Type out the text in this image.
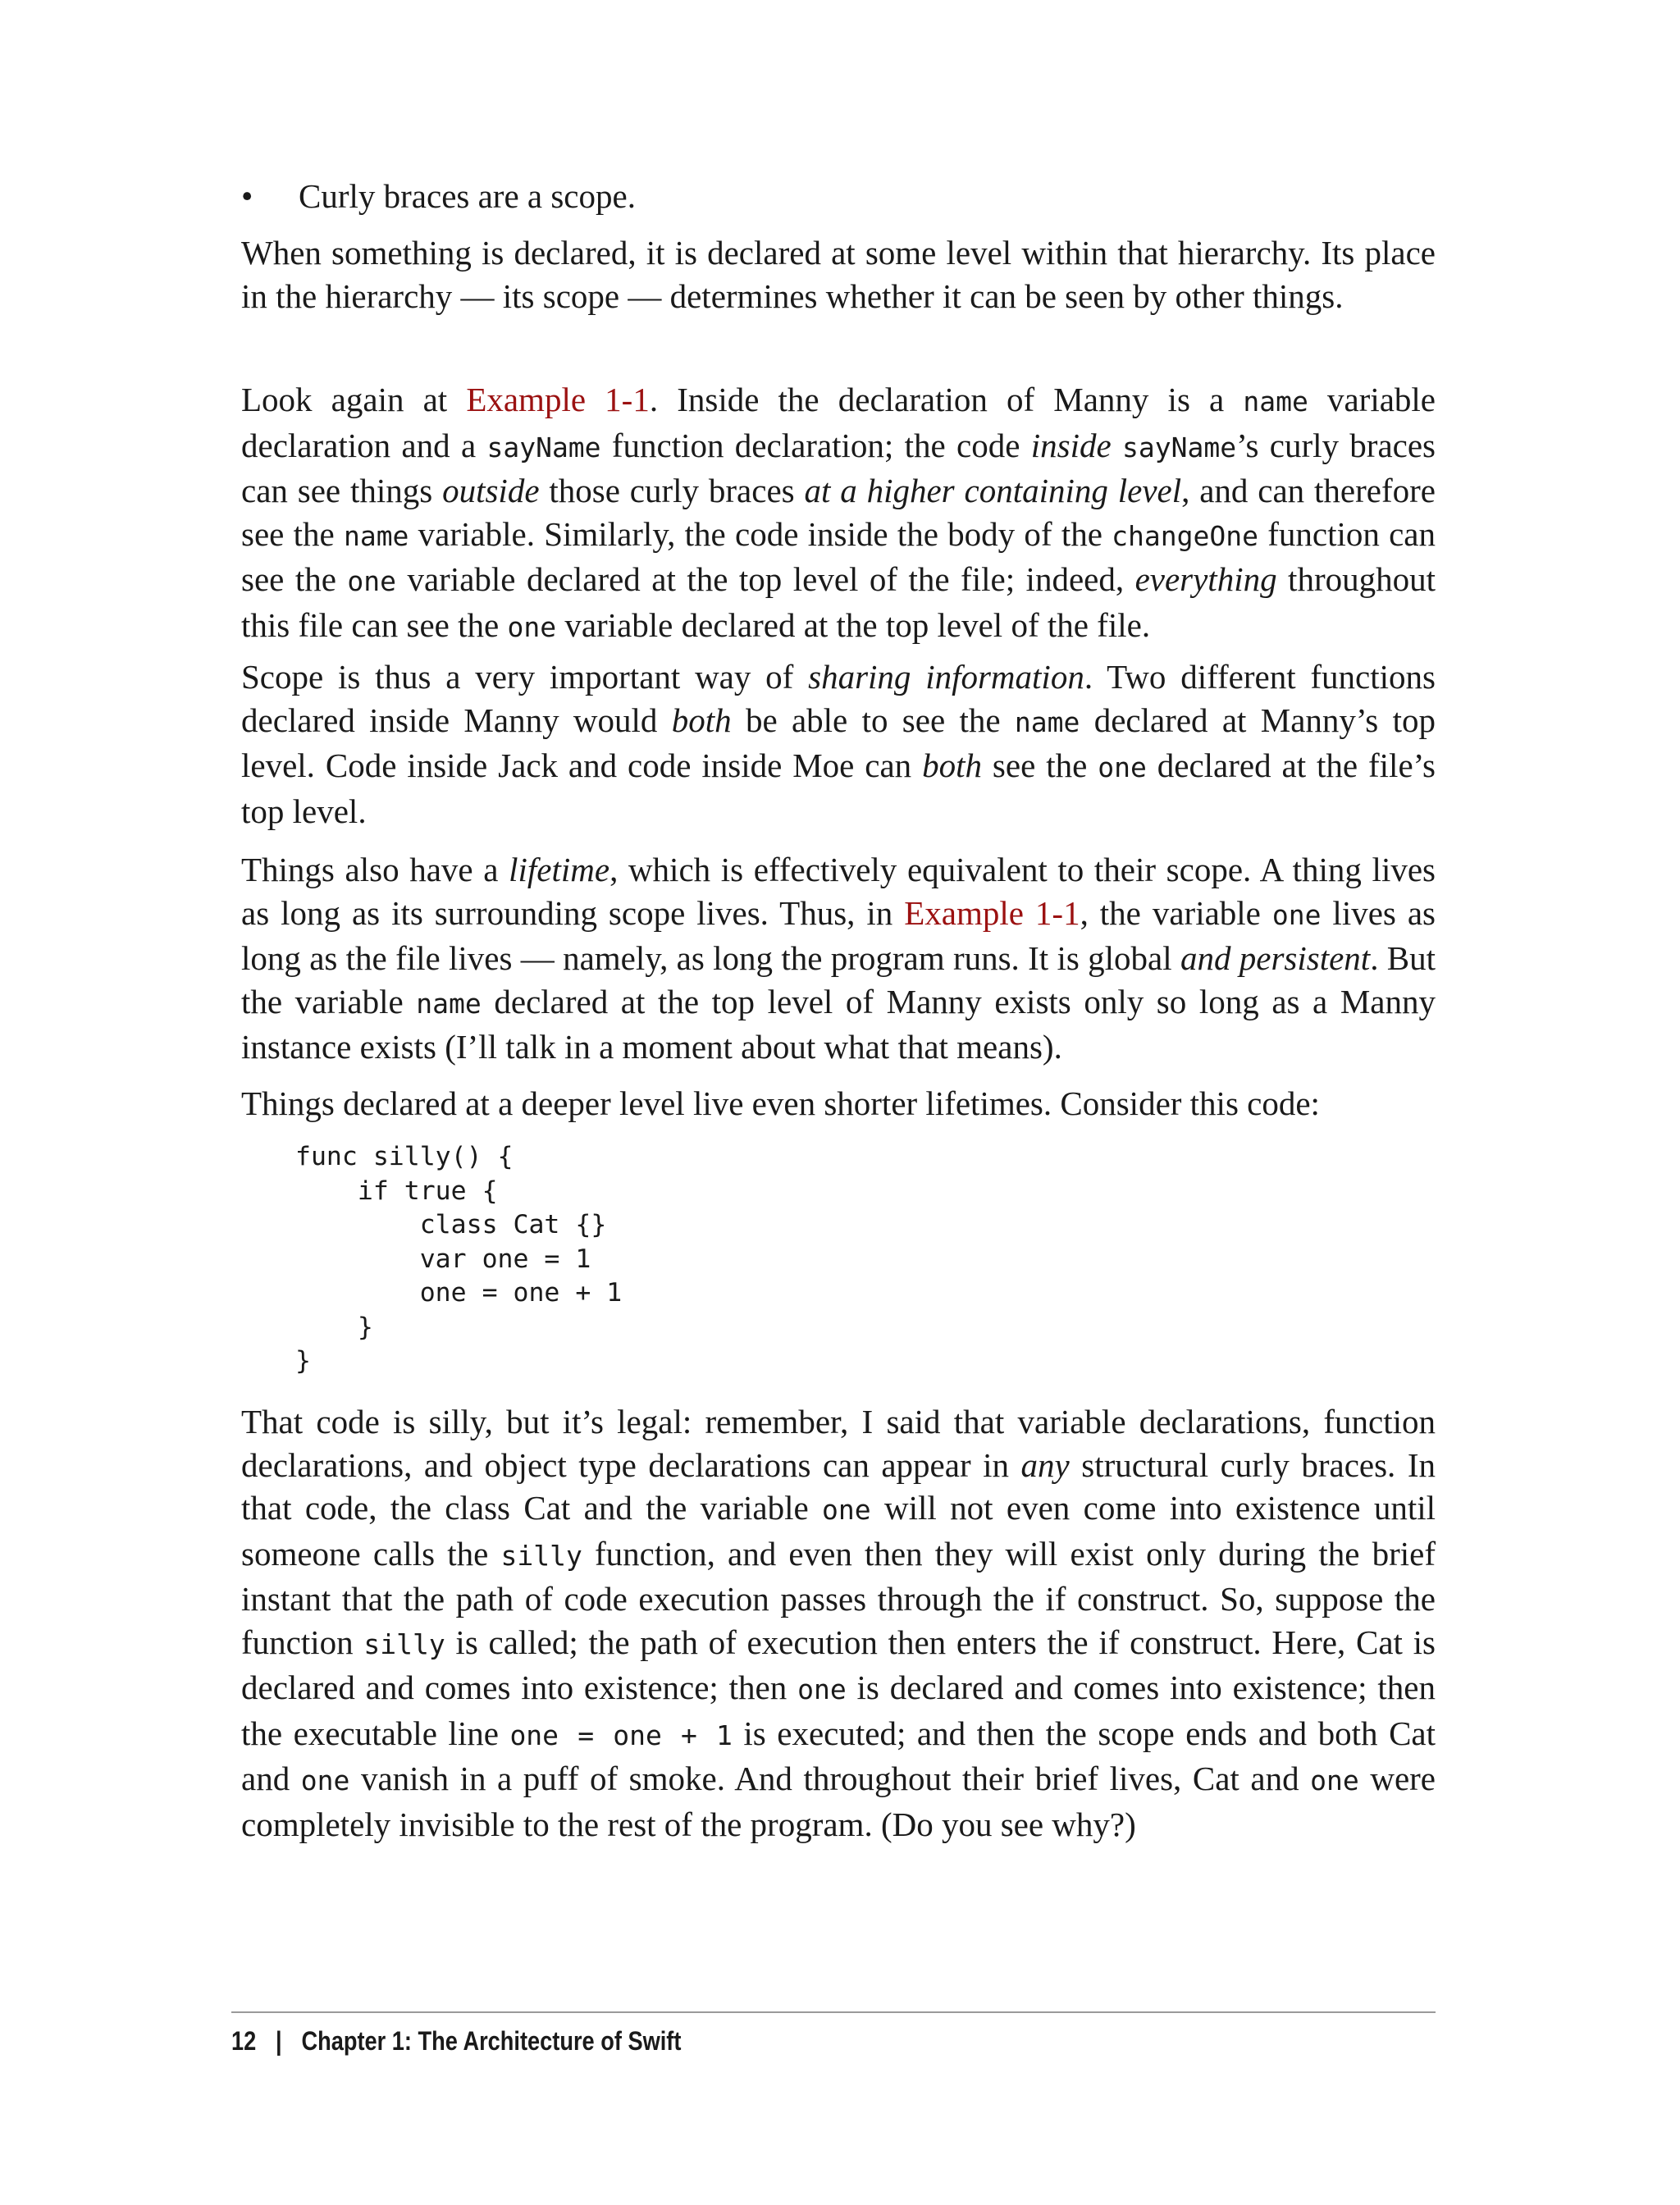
• Curly braces are a scope.

When something is declared, it is declared at some level within that hierarchy. Its place in the hierarchy — its scope — determines whether it can be seen by other things.

Look again at Example 1-1. Inside the declaration of Manny is a name variable declaration and a sayName function declaration; the code inside sayName’s curly braces can see things outside those curly braces at a higher containing level, and can therefore see the name variable. Similarly, the code inside the body of the changeOne function can see the one variable declared at the top level of the file; indeed, everything throughout this file can see the one variable declared at the top level of the file.

Scope is thus a very important way of sharing information. Two different functions declared inside Manny would both be able to see the name declared at Manny’s top level. Code inside Jack and code inside Moe can both see the one declared at the file’s top level.

Things also have a lifetime, which is effectively equivalent to their scope. A thing lives as long as its surrounding scope lives. Thus, in Example 1-1, the variable one lives as long as the file lives — namely, as long the program runs. It is global and persistent. But the variable name declared at the top level of Manny exists only so long as a Manny instance exists (I’ll talk in a moment about what that means).

Things declared at a deeper level live even shorter lifetimes. Consider this code:

func silly() {
if true {
class Cat {}
var one = 1
one = one + 1
}
}

That code is silly, but it’s legal: remember, I said that variable declarations, function declarations, and object type declarations can appear in any structural curly braces. In that code, the class Cat and the variable one will not even come into existence until someone calls the silly function, and even then they will exist only during the brief instant that the path of code execution passes through the if construct. So, suppose the function silly is called; the path of execution then enters the if construct. Here, Cat is declared and comes into existence; then one is declared and comes into existence; then the executable line one = one + 1 is executed; and then the scope ends and both Cat and one vanish in a puff of smoke. And throughout their brief lives, Cat and one were completely invisible to the rest of the program. (Do you see why?)

12 | Chapter 1: The Architecture of Swift
